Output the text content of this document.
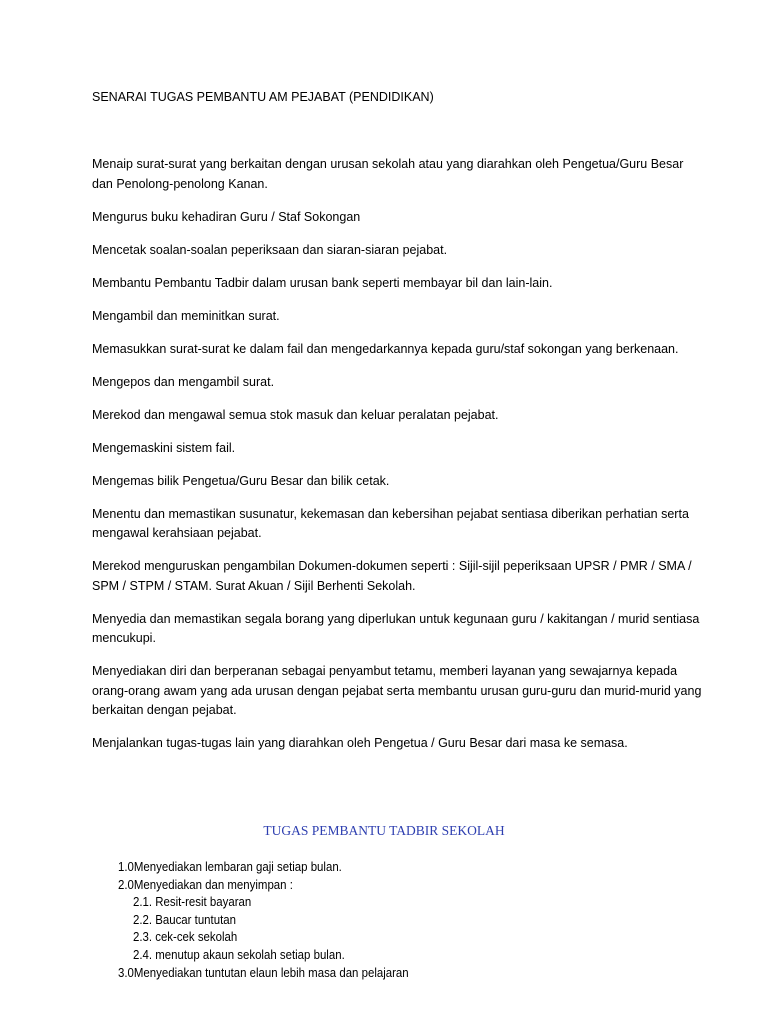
SENARAI TUGAS PEMBANTU AM PEJABAT (PENDIDIKAN)
Menaip surat-surat yang berkaitan dengan urusan sekolah atau yang diarahkan oleh Pengetua/Guru Besar dan Penolong-penolong Kanan.
Mengurus buku kehadiran Guru / Staf Sokongan
Mencetak soalan-soalan peperiksaan dan siaran-siaran pejabat.
Membantu Pembantu Tadbir dalam urusan bank seperti membayar bil dan lain-lain.
Mengambil dan meminitkan surat.
Memasukkan surat-surat ke dalam fail dan mengedarkannya kepada guru/staf sokongan yang berkenaan.
Mengepos dan mengambil surat.
Merekod dan mengawal semua stok masuk dan keluar peralatan pejabat.
Mengemaskini sistem fail.
Mengemas bilik Pengetua/Guru Besar dan bilik cetak.
Menentu dan memastikan susunatur, kekemasan dan kebersihan pejabat sentiasa diberikan perhatian serta mengawal kerahsiaan pejabat.
Merekod menguruskan pengambilan Dokumen-dokumen seperti : Sijil-sijil peperiksaan UPSR / PMR / SMA / SPM / STPM / STAM. Surat Akuan / Sijil Berhenti Sekolah.
Menyedia dan memastikan segala borang yang diperlukan untuk kegunaan guru / kakitangan / murid sentiasa mencukupi.
Menyediakan diri dan berperanan sebagai penyambut tetamu, memberi layanan yang sewajarnya kepada orang-orang awam yang ada urusan dengan pejabat serta membantu urusan guru-guru dan murid-murid yang berkaitan dengan pejabat.
Menjalankan tugas-tugas lain yang diarahkan oleh Pengetua / Guru Besar dari masa ke semasa.
TUGAS PEMBANTU TADBIR SEKOLAH
1.0Menyediakan lembaran gaji setiap bulan.
2.0Menyediakan dan menyimpan :
2.1. Resit-resit bayaran
2.2. Baucar tuntutan
2.3. cek-cek sekolah
2.4. menutup akaun sekolah setiap bulan.
3.0Menyediakan tuntutan elaun lebih masa dan pelajaran
